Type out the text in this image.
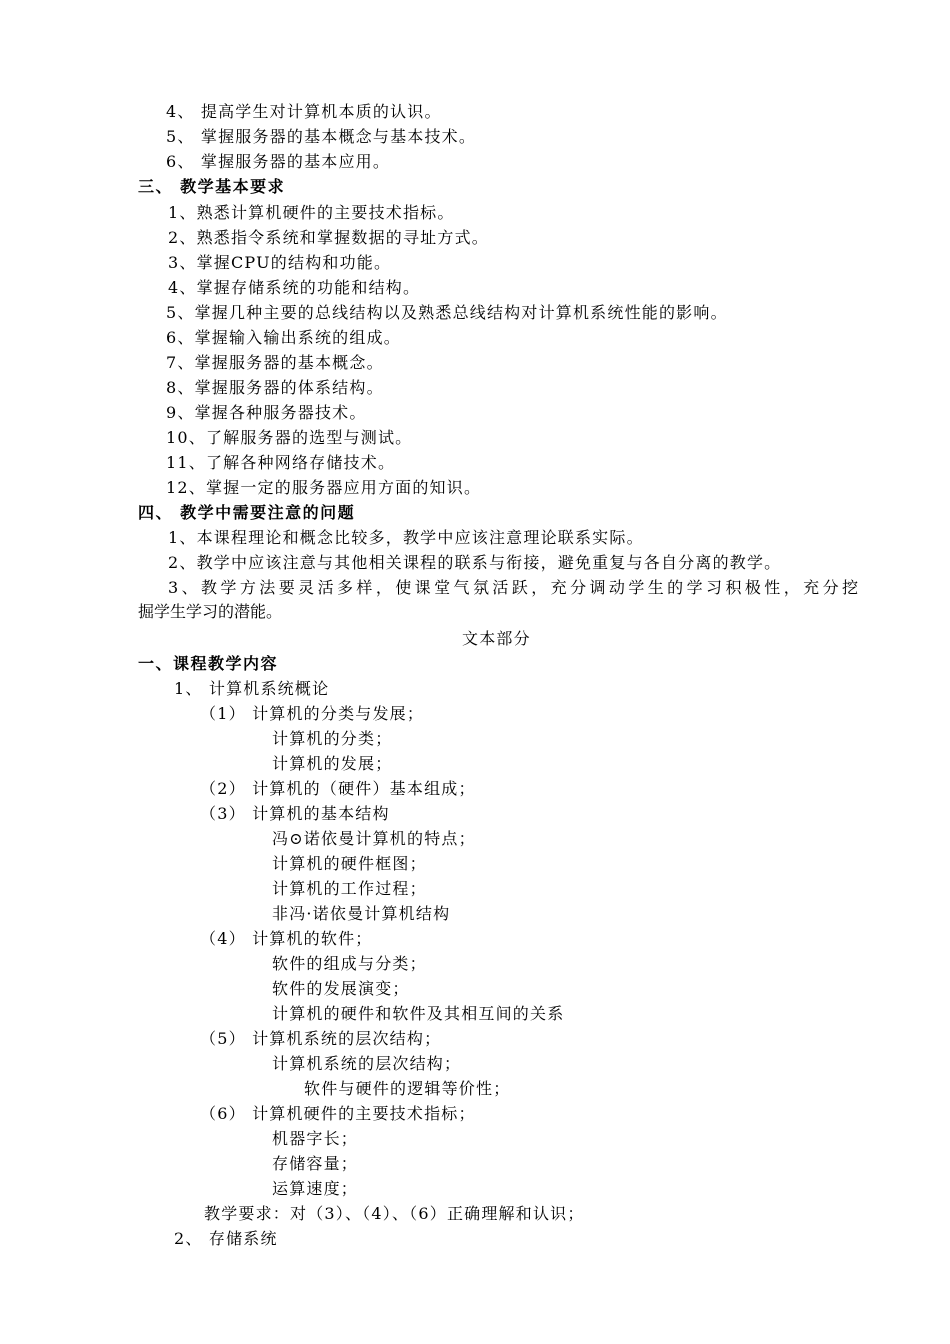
4、 提高学生对计算机本质的认识。
5、 掌握服务器的基本概念与基本技术。
6、 掌握服务器的基本应用。
三、 教学基本要求
1、熟悉计算机硬件的主要技术指标。
2、熟悉指令系统和掌握数据的寻址方式。
3、掌握CPU的结构和功能。
4、掌握存储系统的功能和结构。
5、掌握几种主要的总线结构以及熟悉总线结构对计算机系统性能的影响。
6、掌握输入输出系统的组成。
7、掌握服务器的基本概念。
8、掌握服务器的体系结构。
9、掌握各种服务器技术。
10、了解服务器的选型与测试。
11、了解各种网络存储技术。
12、掌握一定的服务器应用方面的知识。
四、 教学中需要注意的问题
1、本课程理论和概念比较多，教学中应该注意理论联系实际。
2、教学中应该注意与其他相关课程的联系与衔接，避免重复与各自分离的教学。
3、教学方法要灵活多样，使课堂气氛活跃，充分调动学生的学习积极性，充分挖
掘学生学习的潜能。
文本部分
一、课程教学内容
1、 计算机系统概论
（1） 计算机的分类与发展；
计算机的分类；
计算机的发展；
（2） 计算机的（硬件）基本组成；
（3） 计算机的基本结构
冯⊙诺依曼计算机的特点；
计算机的硬件框图；
计算机的工作过程；
非冯·诺依曼计算机结构
（4） 计算机的软件；
软件的组成与分类；
软件的发展演变；
计算机的硬件和软件及其相互间的关系
（5） 计算机系统的层次结构；
计算机系统的层次结构；
软件与硬件的逻辑等价性；
（6） 计算机硬件的主要技术指标；
机器字长；
存储容量；
运算速度；
教学要求：对（3）、（4）、（6）正确理解和认识；
2、 存储系统
